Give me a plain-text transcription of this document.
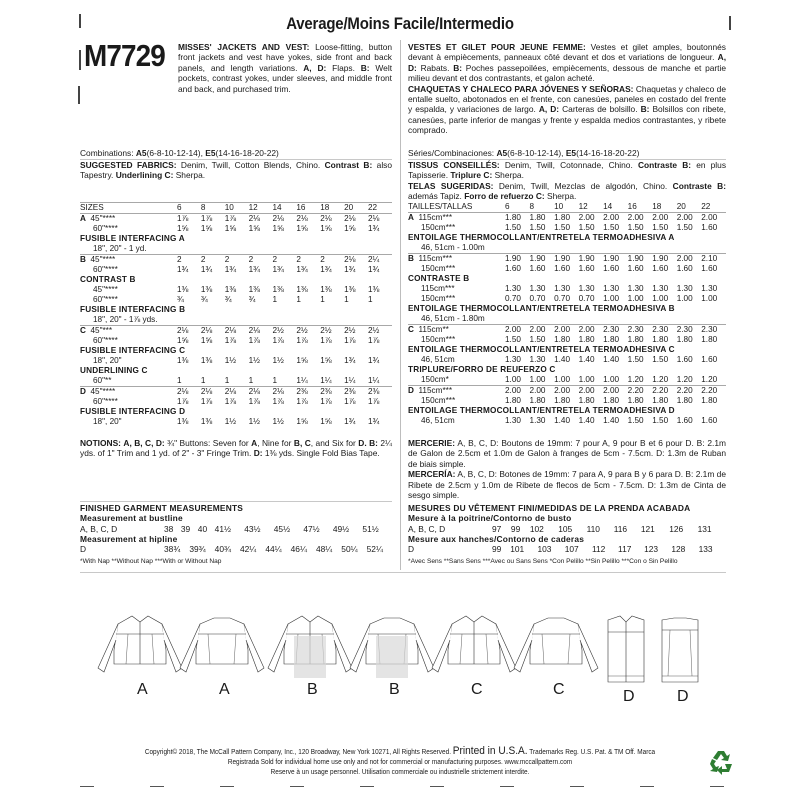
Average/Moins Facile/Intermedio
M7729 MISSES' JACKETS AND VEST: Loose-fitting, button front jackets and vest have yokes, side front and back panels, and length variations. A, D: Flaps. B: Welt pockets, contrast yokes, under sleeves, and middle front and back, and purchased trim.
VESTES ET GILET POUR JEUNE FEMME: Vestes et gilet amples, boutonnés devant à empiècements, panneaux côté devant et dos et variations de longueur. A, D: Rabats. B: Poches passepoilées, empiècements, dessous de manche et partie milieu devant et dos contrastants, et galon acheté.
CHAQUETAS Y CHALECO PARA JÓVENES Y SEÑORAS: Chaquetas y chaleco de entalle suelto, abotonados en el frente, con canesúes, paneles en costado del frente y espalda, y variaciones de largo. A, D: Carteras de bolsillo. B: Bolsillos con ribete, canesúes, parte inferior de mangas y frente y espalda medios contrastantes, y ribete comprado.
Combinations: A5(6-8-10-12-14), E5(14-16-18-20-22)
SUGGESTED FABRICS: Denim, Twill, Cotton Blends, Chino. Contrast B: also Tapestry. Underlining C: Sherpa.
Séries/Combinaciones: A5(6-8-10-12-14), E5(14-16-18-20-22)
TISSUS CONSEILLÉS: Denim, Twill, Cotonnade, Chino. Contraste B: en plus Tapisserie. Triplure C: Sherpa.
TELAS SUGERIDAS: Denim, Twill, Mezclas de algodón, Chino. Contraste B: además Tapiz. Forro de refuerzo C: Sherpa.
SIZES	6	8	10	12	14	16	18	20	22
A 45"****	1⅞	1⅞	1⅞	2⅛	2⅛	2⅛	2⅛	2⅛	2⅛
60"****	1⅝	1⅝	1⅝	1⅝	1⅝	1⅝	1⅝	1⅝	1¾
FUSIBLE INTERFACING A									
18", 20" - 1 yd.									
B 45"****	2	2	2	2	2	2	2	2⅛	2¼
60"****	1¾	1¾	1¾	1¾	1¾	1¾	1¾	1¾	1¾
CONTRAST B									
45"****	1⅜	1⅜	1⅜	1⅜	1⅜	1⅜	1⅜	1⅜	1⅜
60"****	¾	¾	¾	¾	1	1	1	1	1
FUSIBLE INTERFACING B									
18", 20" - 1⅞ yds.									
C 45"***	2⅛	2⅛	2⅛	2⅛	2½	2½	2½	2½	2½
60"****	1⅝	1⅝	1⅞	1⅞	1⅞	1⅞	1⅞	1⅞	1⅞
FUSIBLE INTERFACING C									
18", 20"	1⅜	1⅜	1½	1½	1½	1⅝	1⅝	1¾	1¾
UNDERLINING C									
60"**	1	1	1	1	1	1¼	1¼	1¼	1¼
D 45"****	2⅛	2⅛	2⅛	2⅛	2⅛	2⅜	2⅜	2⅜	2⅜
60"****	1⅞	1⅞	1⅞	1⅞	1⅞	1⅞	1⅞	1⅞	1⅞
FUSIBLE INTERFACING D									
18", 20"	1⅜	1⅜	1½	1½	1½	1⅝	1⅝	1¾	1¾
TAILLES/TALLAS	6	8	10	12	14	16	18	20	22
A 115cm***	1.80	1.80	1.80	2.00	2.00	2.00	2.00	2.00	2.00
150cm***	1.50	1.50	1.50	1.50	1.50	1.50	1.50	1.50	1.60
ENTOILAGE THERMOCOLLANT/ENTRETELA TERMOADHESIVA A									
46, 51cm - 1.00m									
B 115cm***	1.90	1.90	1.90	1.90	1.90	1.90	1.90	2.00	2.10
150cm***	1.60	1.60	1.60	1.60	1.60	1.60	1.60	1.60	1.60
CONTRASTE B									
115cm***	1.30	1.30	1.30	1.30	1.30	1.30	1.30	1.30	1.30
150cm***	0.70	0.70	0.70	0.70	1.00	1.00	1.00	1.00	1.00
ENTOILAGE THERMOCOLLANT/ENTRETELA TERMOADHESIVA B									
46, 51cm - 1.80m									
C 115cm**	2.00	2.00	2.00	2.00	2.30	2.30	2.30	2.30	2.30
150cm***	1.50	1.50	1.80	1.80	1.80	1.80	1.80	1.80	1.80
ENTOILAGE THERMOCOLLANT/ENTRETELA TERMOADHESIVA C									
46, 51cm	1.30	1.30	1.40	1.40	1.40	1.50	1.50	1.60	1.60
TRIPLURE/FORRO DE REUFERZO C									
150cm*	1.00	1.00	1.00	1.00	1.00	1.20	1.20	1.20	1.20
D 115cm***	2.00	2.00	2.00	2.00	2.00	2.20	2.20	2.20	2.20
150cm***	1.80	1.80	1.80	1.80	1.80	1.80	1.80	1.80	1.80
ENTOILAGE THERMOCOLLANT/ENTRETELA TERMOADHESIVA D									
46, 51cm	1.30	1.30	1.40	1.40	1.40	1.50	1.50	1.60	1.60
NOTIONS: A, B, C, D: ¾" Buttons: Seven for A, Nine for B, C, and Six for D. B: 2¼ yds. of 1" Trim and 1 yd. of 2" - 3" Fringe Trim. D: 1⅜ yds. Single Fold Bias Tape.
MERCERIE: A, B, C, D: Boutons de 19mm: 7 pour A, 9 pour B et 6 pour D. B: 2.1m de Galon de 2.5cm et 1.0m de Galon à franges de 5cm - 7.5cm. D: 1.3m de Ruban de biais simple.
MERCERÍA: A, B, C, D: Botones de 19mm: 7 para A, 9 para B y 6 para D. B: 2.1m de Ribete de 2.5cm y 1.0m de Ribete de flecos de 5cm - 7.5cm. D: 1.3m de Cinta de sesgo simple.
FINISHED GARMENT MEASUREMENTS
Measurement at bustline
A, B, C, D	38	39	40	41½	43½	45½	47½	49½	51½
Measurement at hipline
D	38¾	39¾	40¾	42¼	44¼	46¼	48¼	50¼	52¼
*With Nap **Without Nap ***With or Without Nap
MESURES DU VÊTEMENT FINI/MEDIDAS DE LA PRENDA ACABADA
Mesure à la poitrine/Contorno de busto
A, B, C, D	97	99	102	105	110	116	121	126	131
Mesure aux hanches/Contorno de caderas
D	99	101	103	107	112	117	123	128	133
*Avec Sens **Sans Sens ***Avec ou Sans Sens *Con Pelillo **Sin Pelillo ***Con o Sin Pelillo
A	A	B	B	C	C	D	D
Copyright© 2018, The McCall Pattern Company, Inc., 120 Broadway, New York 10271, All Rights Reserved. Printed in U.S.A. Trademarks Reg. U.S. Pat. & TM Off. Marca
Registrada Sold for individual home use only and not for commercial or manufacturing purposes. www.mccallpattern.com
Reserve à un usage personnel. Utilisation commerciale ou industrielle strictement interdite.
